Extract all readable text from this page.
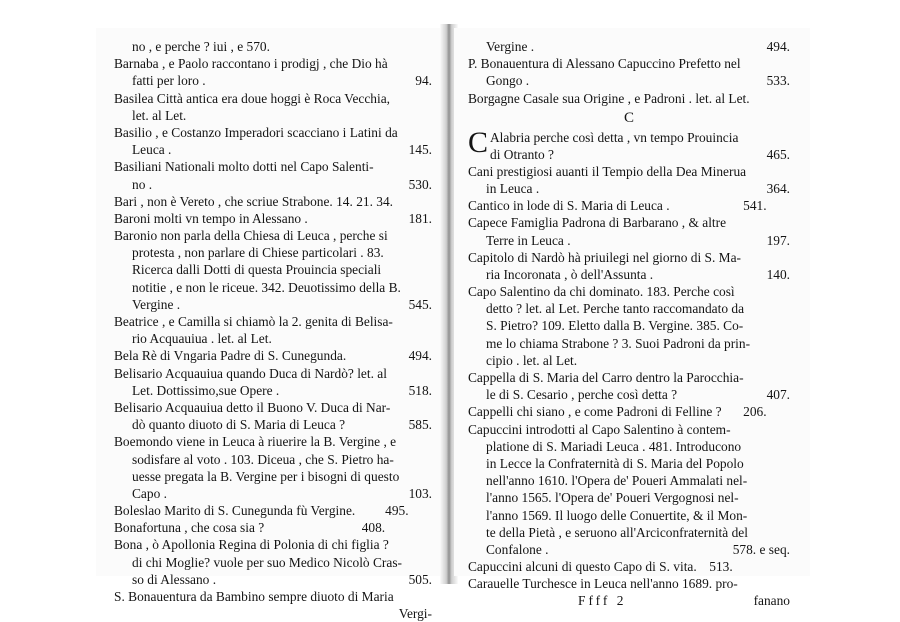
no , e perche ? iui , e 570.
Barnaba , e Paolo raccontano i prodigj , che Dio hà
94.
fatti per loro .
Basilea Città antica era doue hoggi è Roca Vecchia,
let. al Let.
Basilio , e Costanzo Imperadori scacciano i Latini da
145.
Leuca .
Basiliani Nationali molto dotti nel Capo Salenti-
530.
no .
Bari , non è Vereto , che scriue Strabone. 14. 21. 34.
181.
Baroni molti vn tempo in Alessano .
Baronio non parla della Chiesa di Leuca , perche si
protesta , non parlare di Chiese particolari . 83.
Ricerca dalli Dotti di questa Prouincia speciali
notitie , e non le riceue. 342. Deuotissimo della B.
545.
Vergine .
Beatrice , e Camilla si chiamò la 2. genita di Belisa-
rio Acquauiua . let. al Let.
494.
Bela Rè di Vngaria Padre di S. Cunegunda.
Belisario Acquauiua quando Duca di Nardò? let. al
518.
Let. Dottissimo,sue Opere .
Belisario Acquauiua detto il Buono V. Duca di Nar-
585.
dò quanto diuoto di S. Maria di Leuca ?
Boemondo viene in Leuca à riuerire la B. Vergine , e
sodisfare al voto . 103. Diceua , che S. Pietro ha-
uesse pregata la B. Vergine per i bisogni di questo
103.
Capo .
495.
Boleslao Marito di S. Cunegunda fù Vergine.
408.
Bonafortuna , che cosa sia ?
Bona , ò Apollonia Regina di Polonia di chi figlia ?
di chi Moglie? vuole per suo Medico Nicolò Cras-
505.
so di Alessano .
S. Bonauentura da Bambino sempre diuoto di Maria
Vergi-
494.
Vergine .
P. Bonauentura di Alessano Capuccino Prefetto nel
533.
Gongo .
Borgagne Casale sua Origine , e Padroni . let. al Let.
C
C Alabria perche così detta , vn tempo Prouincia
465.
di Otranto ?
Cani prestigiosi auanti il Tempio della Dea Minerua
364.
in Leuca .
541.
Cantico in lode di S. Maria di Leuca .
Capece Famiglia Padrona di Barbarano , & altre
197.
Terre in Leuca .
Capitolo di Nardò hà priuilegi nel giorno di S. Ma-
140.
ria Incoronata , ò dell'Assunta .
Capo Salentino da chi dominato. 183. Perche così
detto ? let. al Let. Perche tanto raccomandato da
S. Pietro? 109. Eletto dalla B. Vergine. 385. Co-
me lo chiama Strabone ? 3. Suoi Padroni da prin-
cipio . let. al Let.
Cappella di S. Maria del Carro dentro la Parocchia-
407.
le di S. Cesario , perche così detta ?
206.
Cappelli chi siano , e come Padroni di Felline ?
Capuccini introdotti al Capo Salentino à contem-
platione di S. Mariadi Leuca . 481. Introducono
in Lecce la Confraternità di S. Maria del Popolo
nell'anno 1610. l'Opera de' Poueri Ammalati nel-
l'anno 1565. l'Opera de' Poueri Vergognosi nel-
l'anno 1569. Il luogo delle Conuertite, & il Mon-
te della Pietà , e seruono all'Arciconfraternità del
578. e seq.
Confalone .
513.
Capuccini alcuni di questo Capo di S. vita.
Carauelle Turchesce in Leuca nell'anno 1689. pro-
fanano
Ffff 2
